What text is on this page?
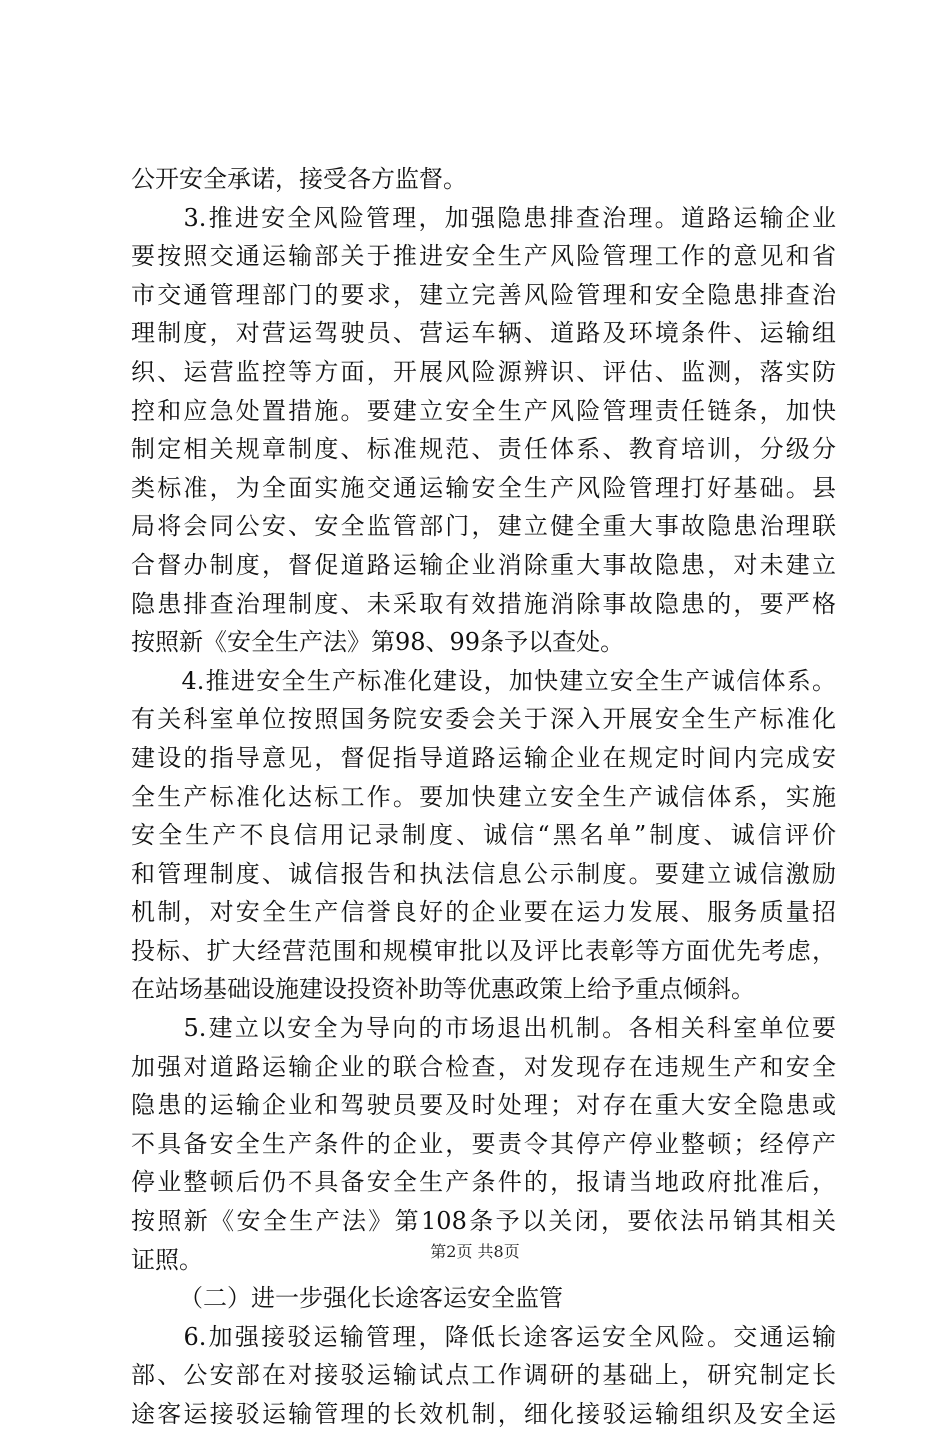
公开安全承诺，接受各方监督。
　　3.推进安全风险管理，加强隐患排查治理。道路运输企业
要按照交通运输部关于推进安全生产风险管理工作的意见和省
市交通管理部门的要求，建立完善风险管理和安全隐患排查治
理制度，对营运驾驶员、营运车辆、道路及环境条件、运输组
织、运营监控等方面，开展风险源辨识、评估、监测，落实防
控和应急处置措施。要建立安全生产风险管理责任链条，加快
制定相关规章制度、标准规范、责任体系、教育培训，分级分
类标准，为全面实施交通运输安全生产风险管理打好基础。县
局将会同公安、安全监管部门，建立健全重大事故隐患治理联
合督办制度，督促道路运输企业消除重大事故隐患，对未建立
隐患排查治理制度、未采取有效措施消除事故隐患的，要严格
按照新《安全生产法》第98、99条予以查处。
　　4.推进安全生产标准化建设，加快建立安全生产诚信体系。
有关科室单位按照国务院安委会关于深入开展安全生产标准化
建设的指导意见，督促指导道路运输企业在规定时间内完成安
全生产标准化达标工作。要加快建立安全生产诚信体系，实施
安全生产不良信用记录制度、诚信“黑名单”制度、诚信评价
和管理制度、诚信报告和执法信息公示制度。要建立诚信激励
机制，对安全生产信誉良好的企业要在运力发展、服务质量招
投标、扩大经营范围和规模审批以及评比表彰等方面优先考虑，
在站场基础设施建设投资补助等优惠政策上给予重点倾斜。
　　5.建立以安全为导向的市场退出机制。各相关科室单位要
加强对道路运输企业的联合检查，对发现存在违规生产和安全
隐患的运输企业和驾驶员要及时处理；对存在重大安全隐患或
不具备安全生产条件的企业，要责令其停产停业整顿；经停产
停业整顿后仍不具备安全生产条件的，报请当地政府批准后，
按照新《安全生产法》第108条予以关闭，要依法吊销其相关
证照。
（二）进一步强化长途客运安全监管
　　6.加强接驳运输管理，降低长途客运安全风险。交通运输
部、公安部在对接驳运输试点工作调研的基础上，研究制定长
途客运接驳运输管理的长效机制，细化接驳运输组织及安全运
第2页 共8页
